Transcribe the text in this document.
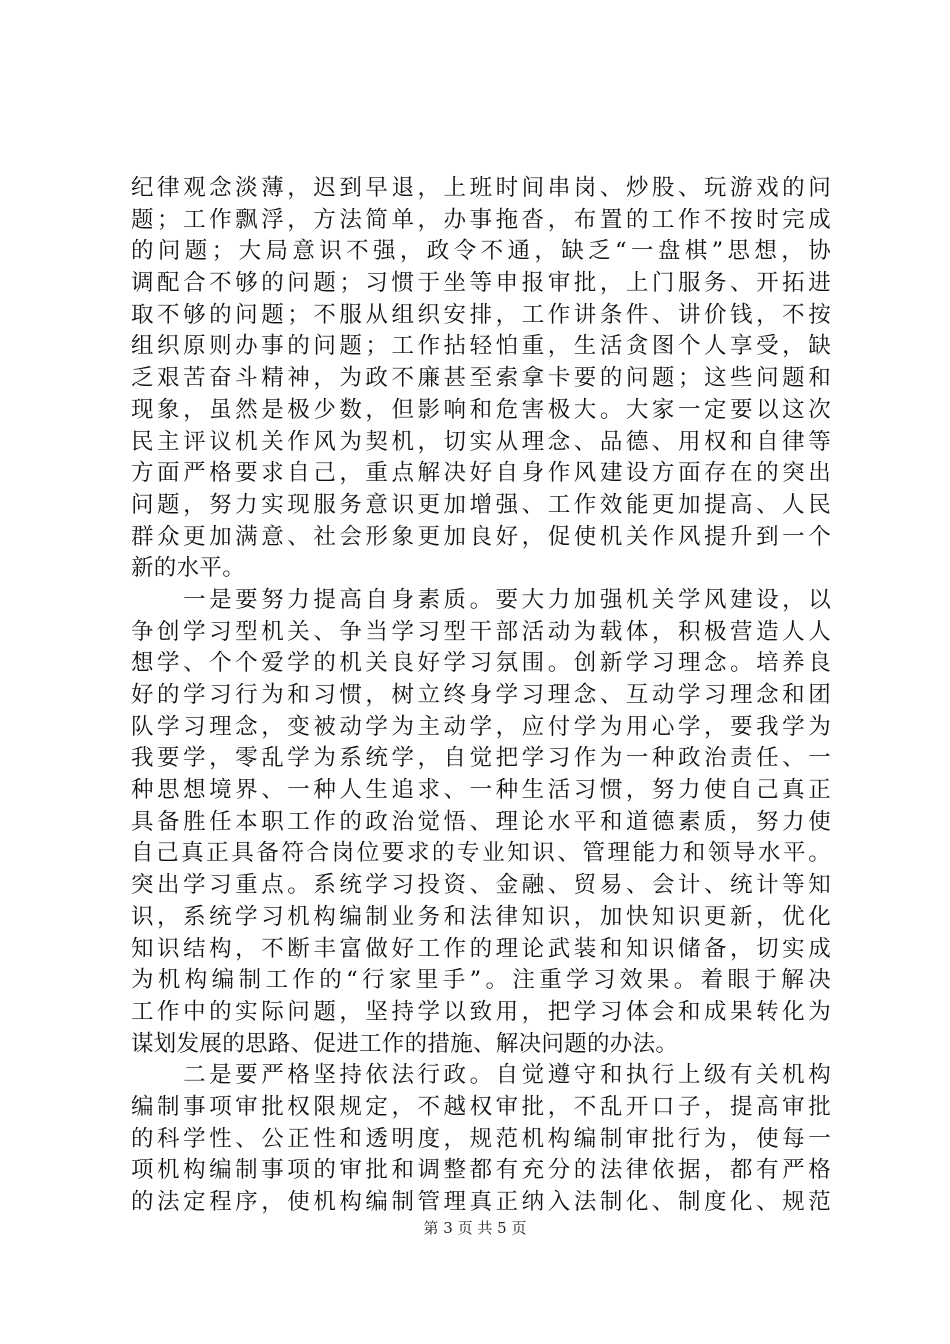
纪律观念淡薄，迟到早退，上班时间串岗、炒股、玩游戏的问
题；工作飘浮，方法简单，办事拖沓，布置的工作不按时完成
的问题；大局意识不强，政令不通，缺乏“一盘棋”思想，协
调配合不够的问题；习惯于坐等申报审批，上门服务、开拓进
取不够的问题；不服从组织安排，工作讲条件、讲价钱，不按
组织原则办事的问题；工作拈轻怕重，生活贪图个人享受，缺
乏艰苦奋斗精神，为政不廉甚至索拿卡要的问题；这些问题和
现象，虽然是极少数，但影响和危害极大。大家一定要以这次
民主评议机关作风为契机，切实从理念、品德、用权和自律等
方面严格要求自己，重点解决好自身作风建设方面存在的突出
问题，努力实现服务意识更加增强、工作效能更加提高、人民
群众更加满意、社会形象更加良好，促使机关作风提升到一个
新的水平。
　　一是要努力提高自身素质。要大力加强机关学风建设，以
争创学习型机关、争当学习型干部活动为载体，积极营造人人
想学、个个爱学的机关良好学习氛围。创新学习理念。培养良
好的学习行为和习惯，树立终身学习理念、互动学习理念和团
队学习理念，变被动学为主动学，应付学为用心学，要我学为
我要学，零乱学为系统学，自觉把学习作为一种政治责任、一
种思想境界、一种人生追求、一种生活习惯，努力使自己真正
具备胜任本职工作的政治觉悟、理论水平和道德素质，努力使
自己真正具备符合岗位要求的专业知识、管理能力和领导水平。
突出学习重点。系统学习投资、金融、贸易、会计、统计等知
识，系统学习机构编制业务和法律知识，加快知识更新，优化
知识结构，不断丰富做好工作的理论武装和知识储备，切实成
为机构编制工作的“行家里手”。注重学习效果。着眼于解决
工作中的实际问题，坚持学以致用，把学习体会和成果转化为
谋划发展的思路、促进工作的措施、解决问题的办法。
　　二是要严格坚持依法行政。自觉遵守和执行上级有关机构
编制事项审批权限规定，不越权审批，不乱开口子，提高审批
的科学性、公正性和透明度，规范机构编制审批行为，使每一
项机构编制事项的审批和调整都有充分的法律依据，都有严格
的法定程序，使机构编制管理真正纳入法制化、制度化、规范
第 3 页 共 5 页
